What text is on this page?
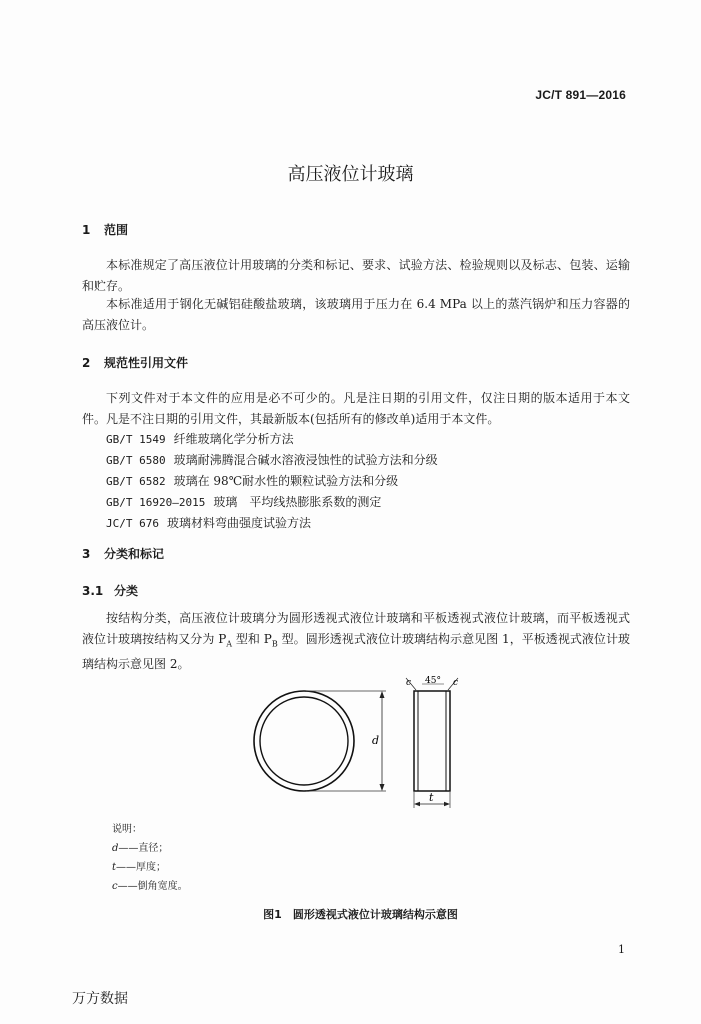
JC/T 891—2016
高压液位计玻璃
1 范围

本标准规定了高压液位计用玻璃的分类和标记、要求、试验方法、检验规则以及标志、包装、运输和贮存。

本标准适用于钢化无碱铝硅酸盐玻璃，该玻璃用于压力在 6.4 MPa 以上的蒸汽锅炉和压力容器的高压液位计。

2 规范性引用文件

下列文件对于本文件的应用是必不可少的。凡是注日期的引用文件，仅注日期的版本适用于本文件。凡是不注日期的引用文件，其最新版本(包括所有的修改单)适用于本文件。

GB/T 1549 纤维玻璃化学分析方法
GB/T 6580 玻璃耐沸腾混合碱水溶液浸蚀性的试验方法和分级
GB/T 6582 玻璃在 98℃耐水性的颗粒试验方法和分级
GB/T 16920—2015 玻璃　平均线热膨胀系数的测定
JC/T 676 玻璃材料弯曲强度试验方法
3 分类和标记
3.1 分类

按结构分类，高压液位计玻璃分为圆形透视式液位计玻璃和平板透视式液位计玻璃，而平板透视式液位计玻璃按结构又分为 $P_A$ 型和 $P_B$ 型。圆形透视式液位计玻璃结构示意见图 1，平板透视式液位计玻璃结构示意见图 2。

d
c 45° c
t
说明：
d——直径；
t——厚度；
c——倒角宽度。
图1　圆形透视式液位计玻璃结构示意图
1
万方数据
